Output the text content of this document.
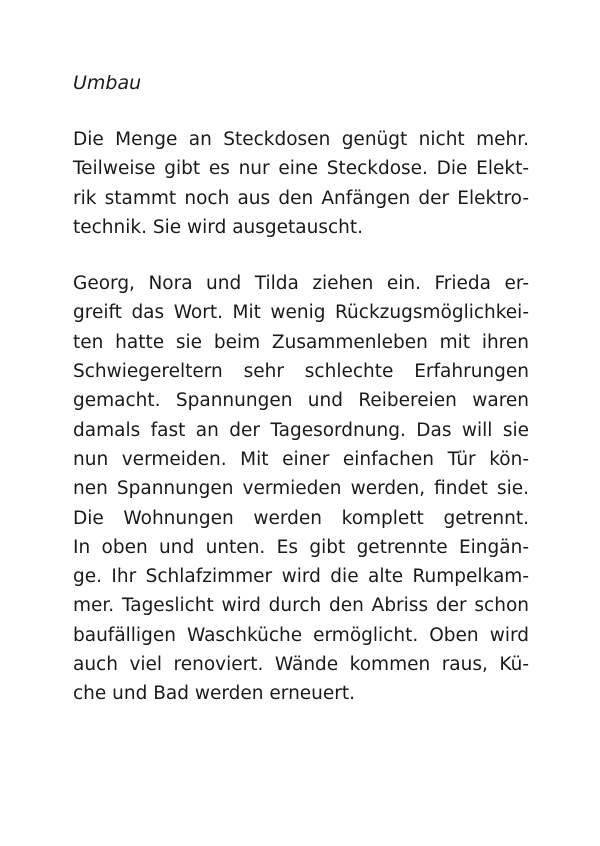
Umbau
Die Menge an Steckdosen genügt nicht mehr.
Teilweise gibt es nur eine Steckdose. Die Elekt-
rik stammt noch aus den Anfängen der Elektro-
technik. Sie wird ausgetauscht.
Georg, Nora und Tilda ziehen ein. Frieda er-
greift das Wort. Mit wenig Rückzugsmöglichkei-
ten hatte sie beim Zusammenleben mit ihren
Schwiegereltern sehr schlechte Erfahrungen
gemacht. Spannungen und Reibereien waren
damals fast an der Tagesordnung. Das will sie
nun vermeiden. Mit einer einfachen Tür kön-
nen Spannungen vermieden werden, findet sie.
Die Wohnungen werden komplett getrennt.
In oben und unten. Es gibt getrennte Eingän-
ge. Ihr Schlafzimmer wird die alte Rumpelkam-
mer. Tageslicht wird durch den Abriss der schon
baufälligen Waschküche ermöglicht. Oben wird
auch viel renoviert. Wände kommen raus, Kü-
che und Bad werden erneuert.
